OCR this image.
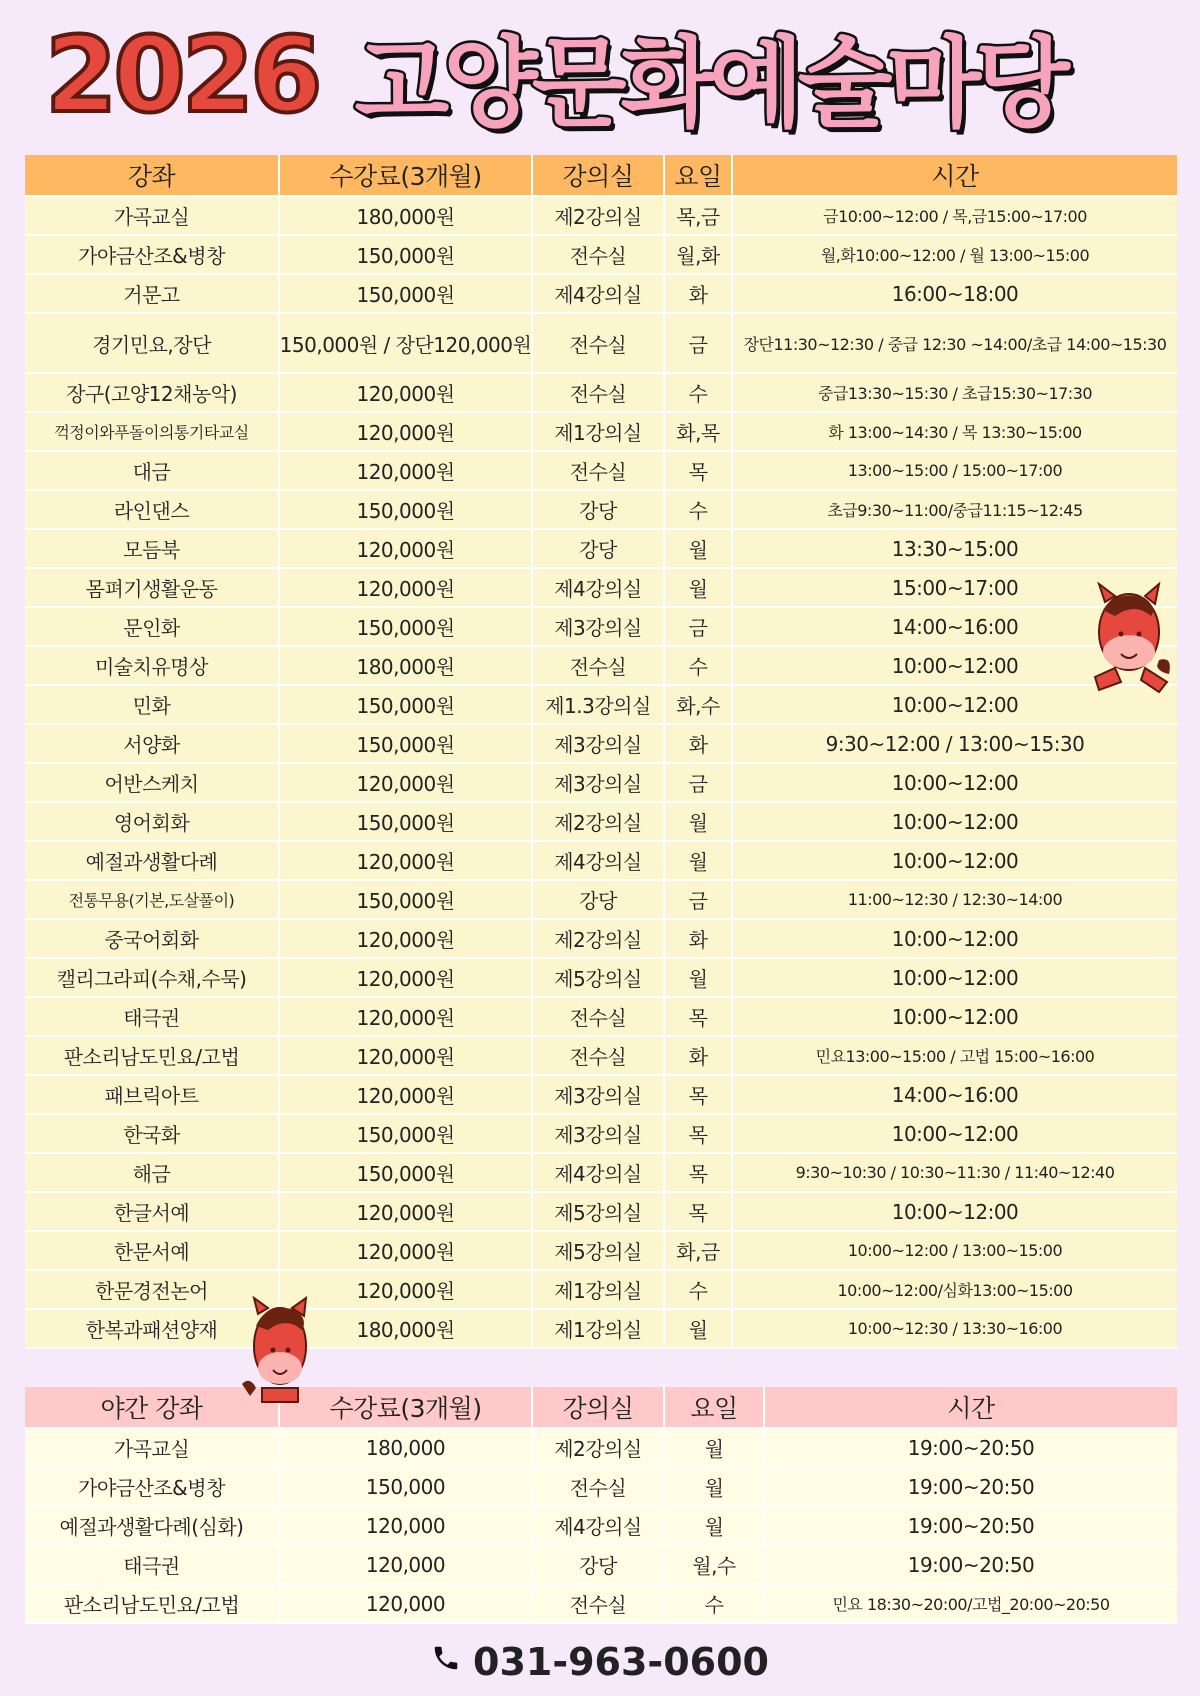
2026 고양문화예술마당
강좌	수강료(3개월)	강의실	요일	시간
가곡교실	180,000원	제2강의실	목,금	금10:00~12:00 / 목,금15:00~17:00
가야금산조&병창	150,000원	전수실	월,화	월,화10:00~12:00 / 월 13:00~15:00
거문고	150,000원	제4강의실	화	16:00~18:00
경기민요,장단	150,000원 / 장단120,000원	전수실	금	장단11:30~12:30 / 중급 12:30 ~14:00/초급 14:00~15:30
장구(고양12채농악)	120,000원	전수실	수	중급13:30~15:30 / 초급15:30~17:30
꺽정이와푸돌이의통기타교실	120,000원	제1강의실	화,목	화 13:00~14:30 / 목 13:30~15:00
대금	120,000원	전수실	목	13:00~15:00 / 15:00~17:00
라인댄스	150,000원	강당	수	초급9:30~11:00/중급11:15~12:45
모듬북	120,000원	강당	월	13:30~15:00
몸펴기생활운동	120,000원	제4강의실	월	15:00~17:00
문인화	150,000원	제3강의실	금	14:00~16:00
미술치유명상	180,000원	전수실	수	10:00~12:00
민화	150,000원	제1.3강의실	화,수	10:00~12:00
서양화	150,000원	제3강의실	화	9:30~12:00 / 13:00~15:30
어반스케치	120,000원	제3강의실	금	10:00~12:00
영어회화	150,000원	제2강의실	월	10:00~12:00
예절과생활다례	120,000원	제4강의실	월	10:00~12:00
전통무용(기본,도살풀이)	150,000원	강당	금	11:00~12:30 / 12:30~14:00
중국어회화	120,000원	제2강의실	화	10:00~12:00
캘리그라피(수채,수묵)	120,000원	제5강의실	월	10:00~12:00
태극권	120,000원	전수실	목	10:00~12:00
판소리남도민요/고법	120,000원	전수실	화	민요13:00~15:00 / 고법 15:00~16:00
패브릭아트	120,000원	제3강의실	목	14:00~16:00
한국화	150,000원	제3강의실	목	10:00~12:00
해금	150,000원	제4강의실	목	9:30~10:30 / 10:30~11:30 / 11:40~12:40
한글서예	120,000원	제5강의실	목	10:00~12:00
한문서예	120,000원	제5강의실	화,금	10:00~12:00 / 13:00~15:00
한문경전논어	120,000원	제1강의실	수	10:00~12:00/심화13:00~15:00
한복과패션양재	180,000원	제1강의실	월	10:00~12:30 / 13:30~16:00
야간 강좌	수강료(3개월)	강의실	요일	시간
가곡교실	180,000	제2강의실	월	19:00~20:50
가야금산조&병창	150,000	전수실	월	19:00~20:50
예절과생활다례(심화)	120,000	제4강의실	월	19:00~20:50
태극권	120,000	강당	월,수	19:00~20:50
판소리남도민요/고법	120,000	전수실	수	민요 18:30~20:00/고법_20:00~20:50
031-963-0600
